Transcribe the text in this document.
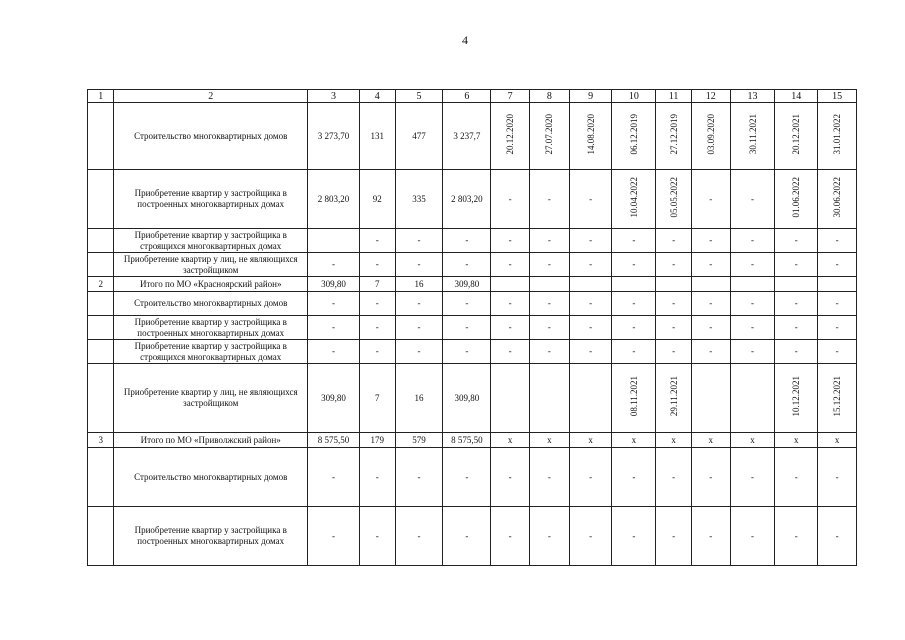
4
1	2	3	4	5	6	7	8	9	10	11	12	13	14	15
	Строительство многоквартирных домов	3 273,70	131	477	3 237,7	20.12.2020	27.07.2020	14.08.2020	06.12.2019	27.12.2019	03.09.2020	30.11.2021	20.12.2021	31.01.2022
	Приобретение квартир у застройщика в построенных многоквартирных домах	2 803,20	92	335	2 803,20	-	-	-	10.04.2022	05.05.2022	-	-	01.06.2022	30.06.2022
	Приобретение квартир у застройщика в строящихся многоквартирных домах		-	-	-	-	-	-	-	-	-	-	-	-
	Приобретение квартир у лиц, не являющихся застройщиком	-	-	-	-	-	-	-	-	-	-	-	-	-
2	Итого по МО «Красноярский район»	309,80	7	16	309,80									
	Строительство многоквартирных домов	-	-	-	-	-	-	-	-	-	-	-	-	-
	Приобретение квартир у застройщика в построенных многоквартирных домах	-	-	-	-	-	-	-	-	-	-	-	-	-
	Приобретение квартир у застройщика в строящихся многоквартирных домах	-	-	-	-	-	-	-	-	-	-	-	-	-
	Приобретение квартир у лиц, не являющихся застройщиком	309,80	7	16	309,80				08.11.2021	29.11.2021			10.12.2021	15.12.2021
3	Итого по МО «Приволжский район»	8 575,50	179	579	8 575,50	x	x	x	x	x	x	x	x	x
	Строительство многоквартирных домов	-	-	-	-	-	-	-	-	-	-	-	-	-
	Приобретение квартир у застройщика в построенных многоквартирных домах	-	-	-	-	-	-	-	-	-	-	-	-	-
